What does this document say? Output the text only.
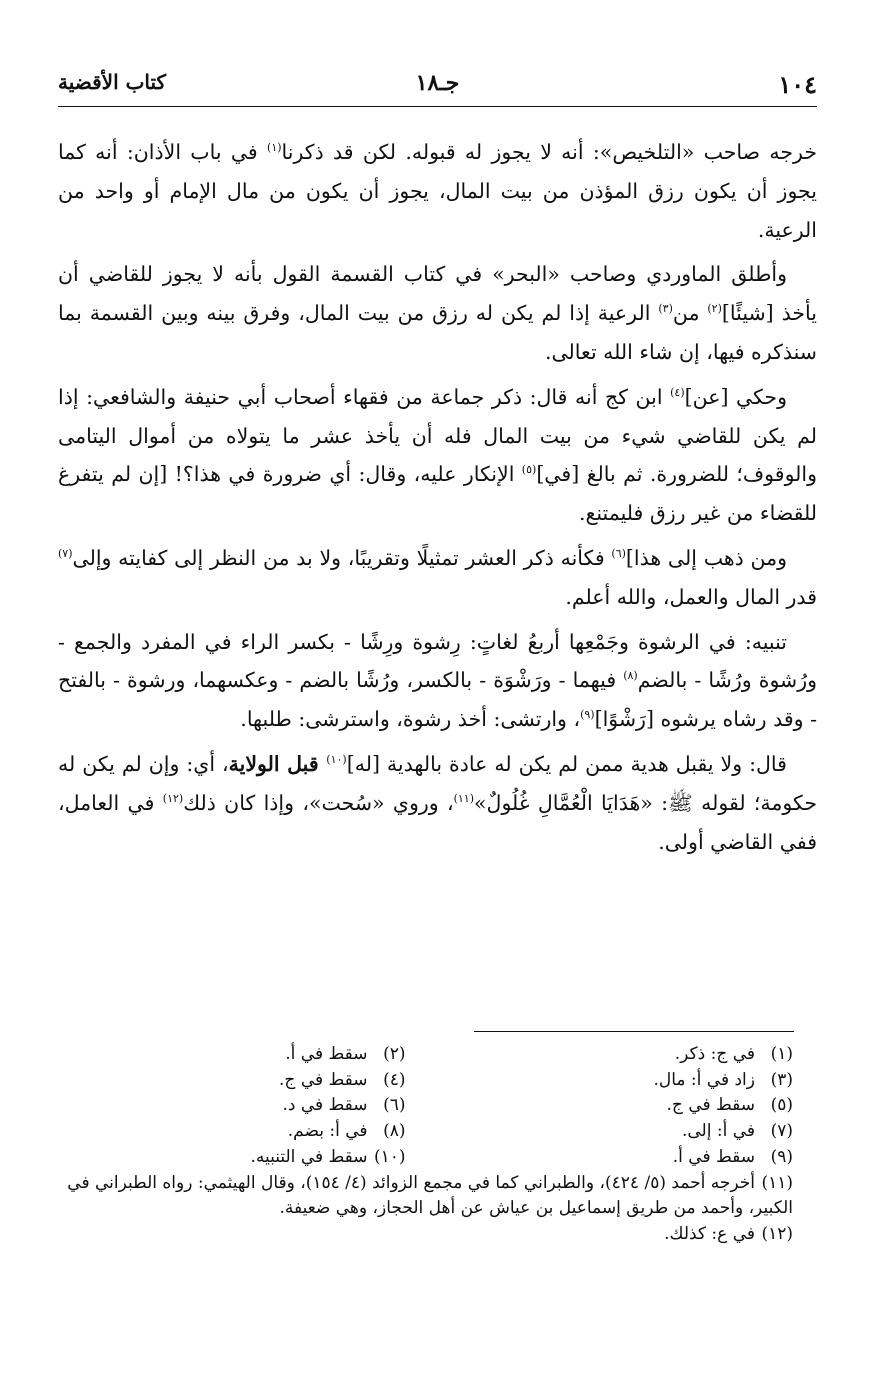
١٠٤
جـ١٨
كتاب الأقضية

خرجه صاحب «التلخيص»: أنه لا يجوز له قبوله. لكن قد ذكرنا$^{(١)}$ في باب الأذان: أنه كما يجوز أن يكون رزق المؤذن من بيت المال، يجوز أن يكون من مال الإمام أو واحد من الرعية.

وأطلق الماوردي وصاحب «البحر» في كتاب القسمة القول بأنه لا يجوز للقاضي أن يأخذ [شيئًا]$^{(٢)}$ من$^{(٣)}$ الرعية إذا لم يكن له رزق من بيت المال، وفرق بينه وبين القسمة بما سنذكره فيها، إن شاء الله تعالى.

وحكي [عن]$^{(٤)}$ ابن كج أنه قال: ذكر جماعة من فقهاء أصحاب أبي حنيفة والشافعي: إذا لم يكن للقاضي شيء من بيت المال فله أن يأخذ عشر ما يتولاه من أموال اليتامى والوقوف؛ للضرورة. ثم بالغ [في]$^{(٥)}$ الإنكار عليه، وقال: أي ضرورة في هذا؟! [إن لم يتفرغ للقضاء من غير رزق فليمتنع.

ومن ذهب إلى هذا]$^{(٦)}$ فكأنه ذكر العشر تمثيلًا وتقريبًا، ولا بد من النظر إلى كفايته وإلى$^{(٧)}$ قدر المال والعمل، والله أعلم.

تنبيه: في الرشوة وجَمْعِها أربعُ لغاتٍ: رِشوة ورِشًا - بكسر الراء في المفرد والجمع - ورُشوة ورُشًا - بالضم$^{(٨)}$ فيهما - ورَشْوَة - بالكسر، ورُشًا بالضم - وعكسهما، ورشوة - بالفتح - وقد رشاه يرشوه [رَشْوًا]$^{(٩)}$، وارتشى: أخذ رشوة، واسترشى: طلبها.

قال: ولا يقبل هدية ممن لم يكن له عادة بالهدية [له]$^{(١٠)}$ قبل الولاية، أي: وإن لم يكن له حكومة؛ لقوله ﷺ: «هَدَايَا الْعُمَّالِ غُلُولٌ»$^{(١١)}$، وروي «سُحت»، وإذا كان ذلك$^{(١٢)}$ في العامل، ففي القاضي أولى.

(١)في ج: ذكر.
(٢)سقط في أ.
(٣)زاد في أ: مال.
(٤)سقط في ج.
(٥)سقط في ج.
(٦)سقط في د.
(٧)في أ: إلى.
(٨)في أ: بضم.
(٩)سقط في أ.
(١٠)سقط في التنبيه.
(١١)أخرجه أحمد (٥/ ٤٢٤)، والطبراني كما في مجمع الزوائد (٤/ ١٥٤)، وقال الهيثمي: رواه الطبراني في الكبير، وأحمد من طريق إسماعيل بن عياش عن أهل الحجاز، وهي ضعيفة.
(١٢)في ع: كذلك.
